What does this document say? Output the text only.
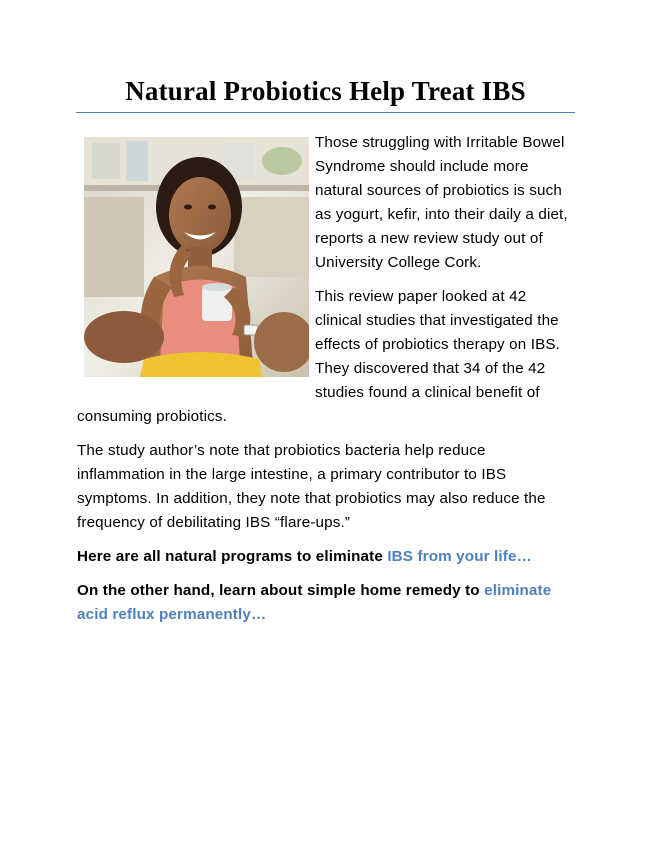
Natural Probiotics Help Treat IBS

Those struggling with Irritable Bowel Syndrome should include more natural sources of probiotics is such as yogurt, kefir, into their daily a diet, reports a new review study out of University College Cork.

This review paper looked at 42 clinical studies that investigated the effects of probiotics therapy on IBS. They discovered that 34 of the 42 studies found a clinical benefit of consuming probiotics.

The study author’s note that probiotics bacteria help reduce inflammation in the large intestine, a primary contributor to IBS symptoms. In addition, they note that probiotics may also reduce the frequency of debilitating IBS “flare-ups.”

Here are all natural programs to eliminate IBS from your life…

On the other hand, learn about simple home remedy to eliminate acid reflux permanently…
